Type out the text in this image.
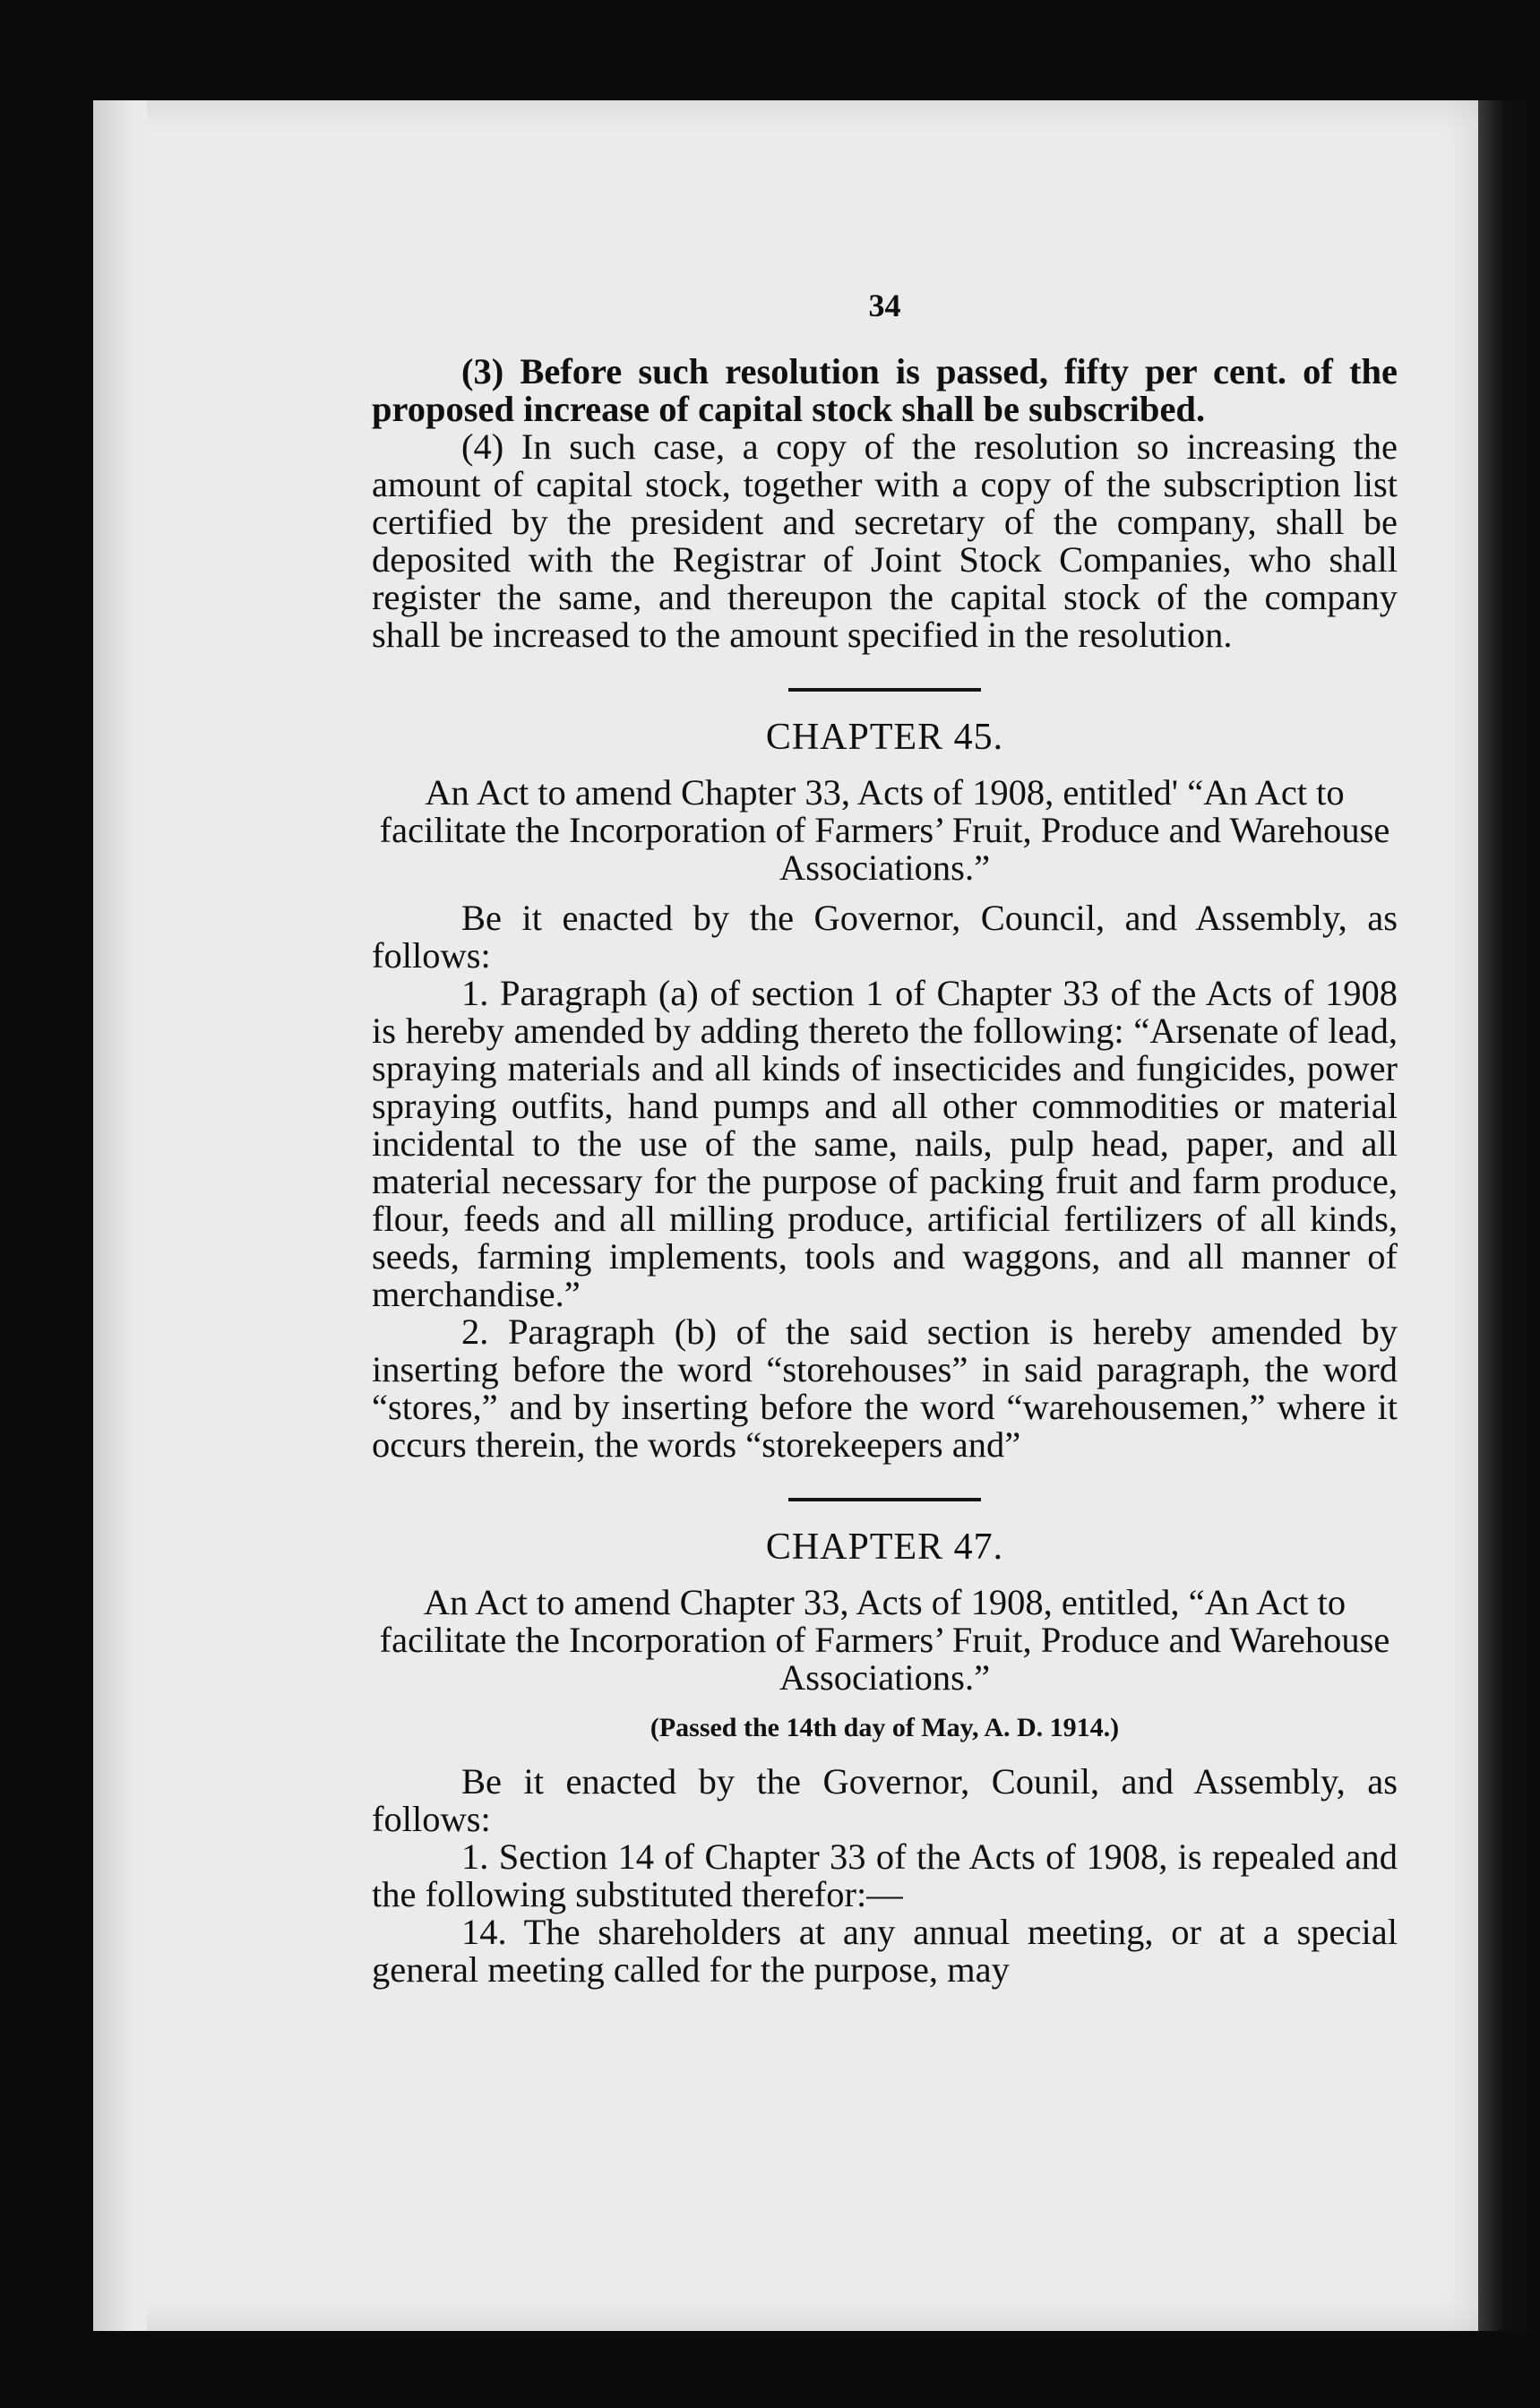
34

(3) Before such resolution is passed, fifty per cent. of the proposed increase of capital stock shall be subscribed.

(4) In such case, a copy of the resolution so increasing the amount of capital stock, together with a copy of the subscription list certified by the president and secretary of the company, shall be deposited with the Registrar of Joint Stock Companies, who shall register the same, and thereupon the capital stock of the company shall be increased to the amount specified in the resolution.

CHAPTER 45.
An Act to amend Chapter 33, Acts of 1908, entitled' “An Act to facilitate the Incorporation of Farmers’ Fruit, Produce and Warehouse Associations.”

Be it enacted by the Governor, Council, and Assembly, as follows:

1. Paragraph (a) of section 1 of Chapter 33 of the Acts of 1908 is hereby amended by adding thereto the following: “Arsenate of lead, spraying materials and all kinds of insecticides and fungicides, power spraying outfits, hand pumps and all other commodities or material incidental to the use of the same, nails, pulp head, paper, and all material necessary for the purpose of packing fruit and farm produce, flour, feeds and all milling produce, artificial fertilizers of all kinds, seeds, farming implements, tools and waggons, and all manner of merchandise.”

2. Paragraph (b) of the said section is hereby amended by inserting before the word “storehouses” in said paragraph, the word “stores,” and by inserting before the word “warehousemen,” where it occurs therein, the words “storekeepers and”

CHAPTER 47.
An Act to amend Chapter 33, Acts of 1908, entitled, “An Act to facilitate the Incorporation of Farmers’ Fruit, Produce and Warehouse Associations.”
(Passed the 14th day of May, A. D. 1914.)

Be it enacted by the Governor, Counil, and Assembly, as follows:

1. Section 14 of Chapter 33 of the Acts of 1908, is repealed and the following substituted therefor:—

14. The shareholders at any annual meeting, or at a special general meeting called for the purpose, may
